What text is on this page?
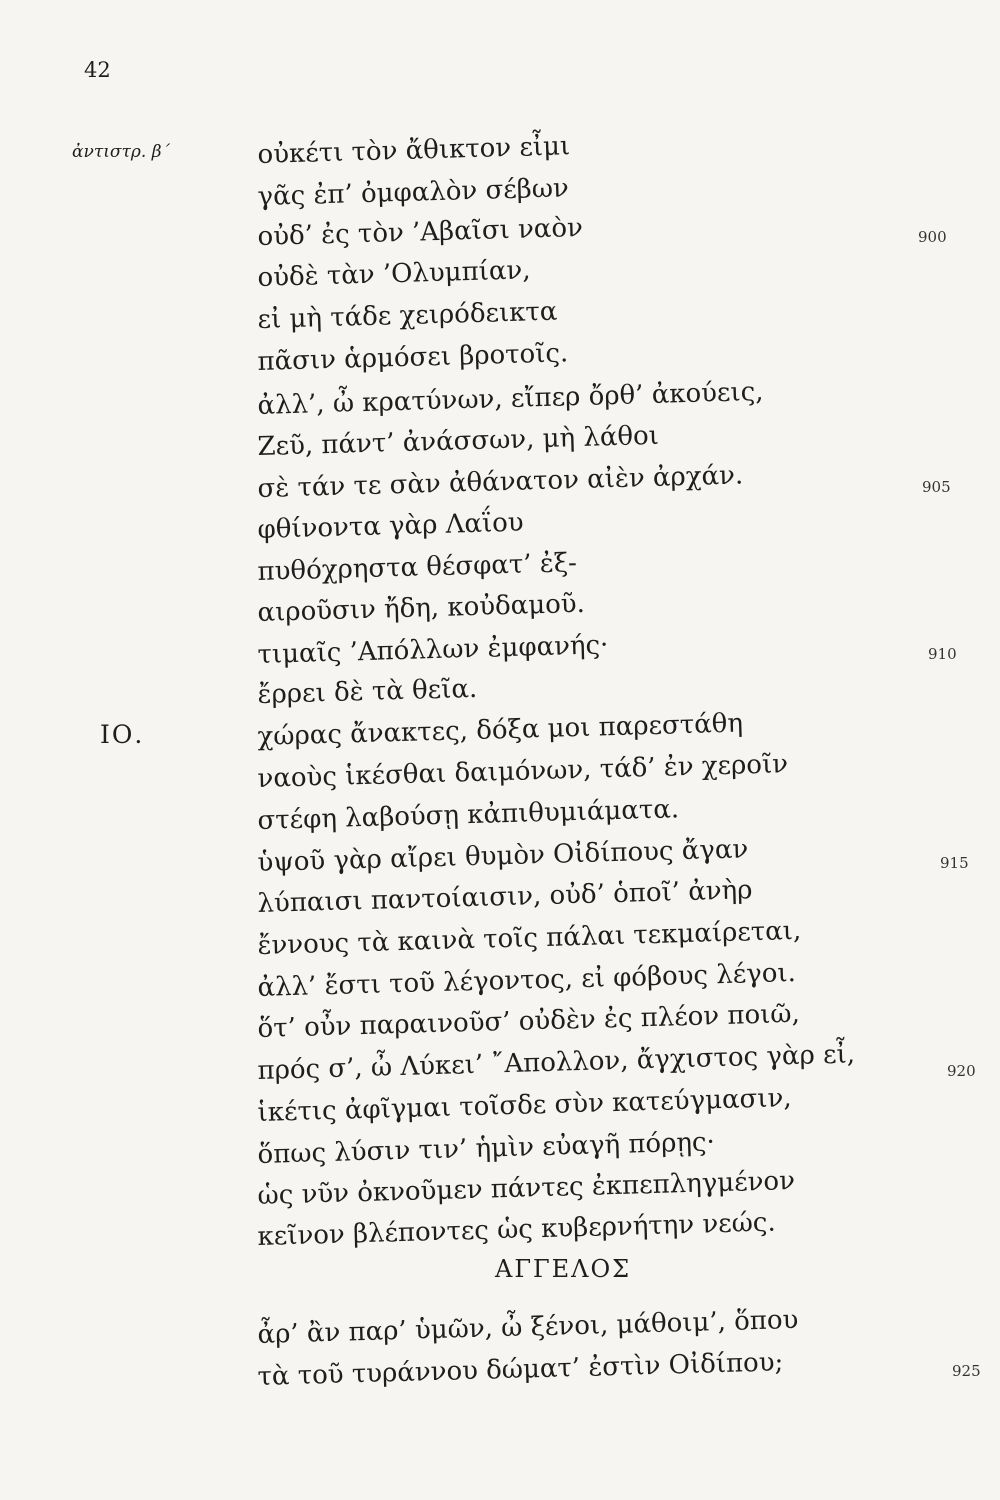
42
ἀντιστρ. β΄
ΙΟ.
οὐκέτι τὸν ἄθικτον εἶμι
γᾶς ἐπ’ ὀμφαλὸν σέβων
οὐδ’ ἐς τὸν ’Αβαῖσι ναὸν
οὐδὲ τὰν ’Ολυμπίαν,
εἰ μὴ τάδε χειρόδεικτα
πᾶσιν ἁρμόσει βροτοῖς.
ἀλλ’, ὦ κρατύνων, εἴπερ ὄρθ’ ἀκούεις,
Ζεῦ, πάντ’ ἀνάσσων, μὴ λάθοι
σὲ τάν τε σὰν ἀθάνατον αἰὲν ἀρχάν.
φθίνοντα γὰρ Λαΐου
πυθόχρηστα θέσφατ’ ἐξ-
αιροῦσιν ἤδη, κοὐδαμοῦ.
τιμαῖς ’Απόλλων ἐμφανής·
ἔρρει δὲ τὰ θεῖα.
χώρας ἄνακτες, δόξα μοι παρεστάθη
ναοὺς ἱκέσθαι δαιμόνων, τάδ’ ἐν χεροῖν
στέφη λαβούσῃ κἀπιθυμιάματα.
ὑψοῦ γὰρ αἴρει θυμὸν Οἰδίπους ἄγαν
λύπαισι παντοίαισιν, οὐδ’ ὁποῖ’ ἀνὴρ
ἔννους τὰ καινὰ τοῖς πάλαι τεκμαίρεται,
ἀλλ’ ἔστι τοῦ λέγοντος, εἰ φόβους λέγοι.
ὅτ’ οὖν παραινοῦσ’ οὐδὲν ἐς πλέον ποιῶ,
πρός σ’, ὦ Λύκει’ ῎Απολλον, ἄγχιστος γὰρ εἶ,
ἱκέτις ἀφῖγμαι τοῖσδε σὺν κατεύγμασιν,
ὅπως λύσιν τιν’ ἡμὶν εὐαγῆ πόρῃς·
ὡς νῦν ὀκνοῦμεν πάντες ἐκπεπληγμένον
κεῖνον βλέποντες ὡς κυβερνήτην νεώς.
ΑΓΓΕΛΟΣ
ἆρ’ ἂν παρ’ ὑμῶν, ὦ ξένοι, μάθοιμ’, ὅπου
τὰ τοῦ τυράννου δώματ’ ἐστὶν Οἰδίπου;
900
905
910
915
920
925
